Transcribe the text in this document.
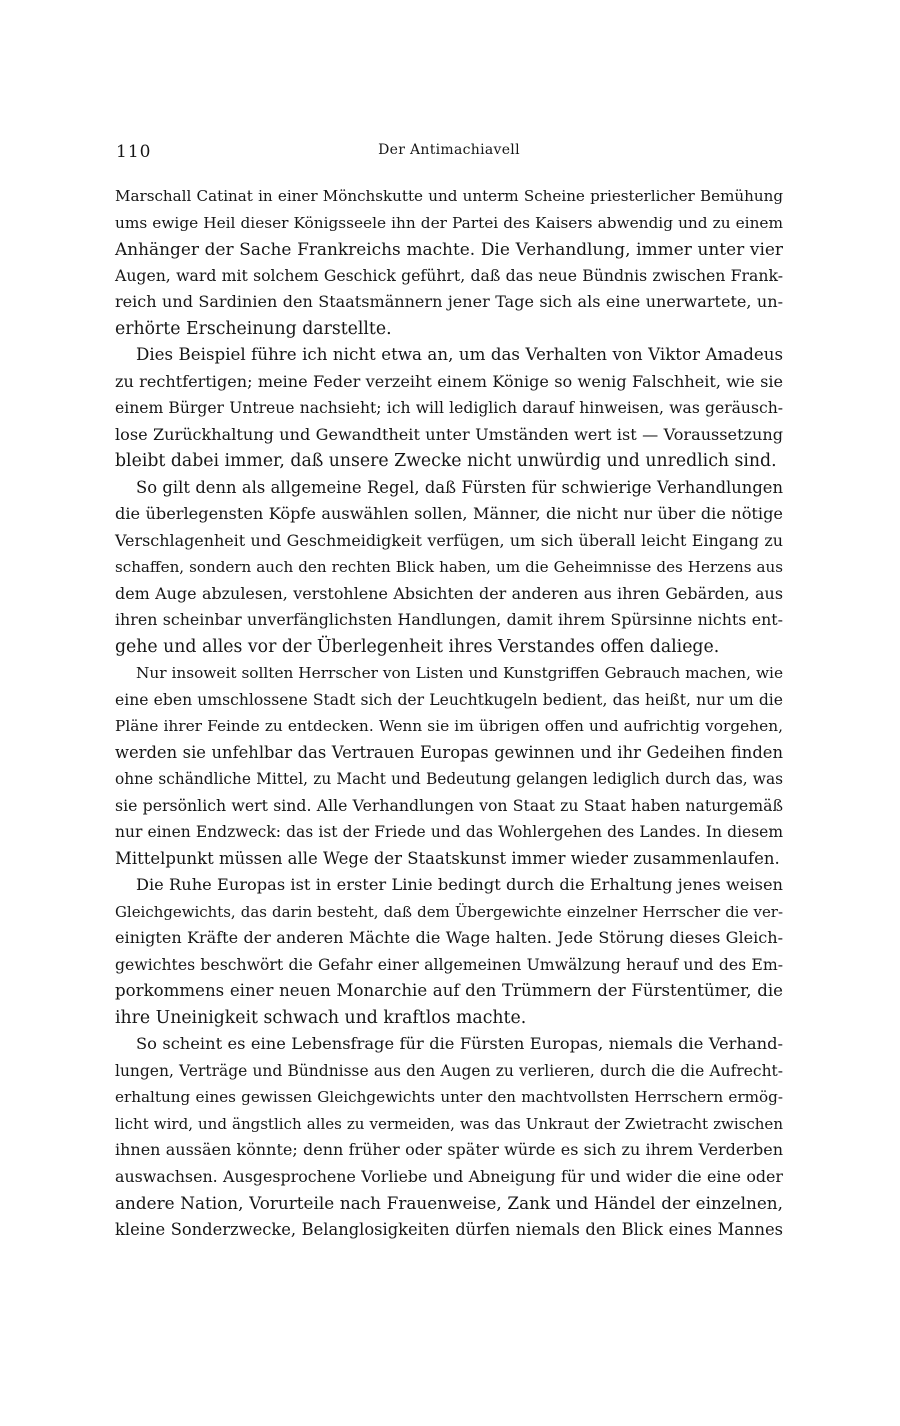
110	Der Antimachiavell
Marschall Catinat in einer Mönchskutte und unterm Scheine priesterlicher Bemühung
ums ewige Heil dieser Königsseele ihn der Partei des Kaisers abwendig und zu einem
Anhänger der Sache Frankreichs machte. Die Verhandlung, immer unter vier
Augen, ward mit solchem Geschick geführt, daß das neue Bündnis zwischen Frank-
reich und Sardinien den Staatsmännern jener Tage sich als eine unerwartete, un-
erhörte Erscheinung darstellte.
Dies Beispiel führe ich nicht etwa an, um das Verhalten von Viktor Amadeus
zu rechtfertigen; meine Feder verzeiht einem Könige so wenig Falschheit, wie sie
einem Bürger Untreue nachsieht; ich will lediglich darauf hinweisen, was geräusch-
lose Zurückhaltung und Gewandtheit unter Umständen wert ist — Voraussetzung
bleibt dabei immer, daß unsere Zwecke nicht unwürdig und unredlich sind.
So gilt denn als allgemeine Regel, daß Fürsten für schwierige Verhandlungen
die überlegensten Köpfe auswählen sollen, Männer, die nicht nur über die nötige
Verschlagenheit und Geschmeidigkeit verfügen, um sich überall leicht Eingang zu
schaffen, sondern auch den rechten Blick haben, um die Geheimnisse des Herzens aus
dem Auge abzulesen, verstohlene Absichten der anderen aus ihren Gebärden, aus
ihren scheinbar unverfänglichsten Handlungen, damit ihrem Spürsinne nichts ent-
gehe und alles vor der Überlegenheit ihres Verstandes offen daliege.
Nur insoweit sollten Herrscher von Listen und Kunstgriffen Gebrauch machen, wie
eine eben umschlossene Stadt sich der Leuchtkugeln bedient, das heißt, nur um die
Pläne ihrer Feinde zu entdecken. Wenn sie im übrigen offen und aufrichtig vorgehen,
werden sie unfehlbar das Vertrauen Europas gewinnen und ihr Gedeihen finden
ohne schändliche Mittel, zu Macht und Bedeutung gelangen lediglich durch das, was
sie persönlich wert sind. Alle Verhandlungen von Staat zu Staat haben naturgemäß
nur einen Endzweck: das ist der Friede und das Wohlergehen des Landes. In diesem
Mittelpunkt müssen alle Wege der Staatskunst immer wieder zusammenlaufen.
Die Ruhe Europas ist in erster Linie bedingt durch die Erhaltung jenes weisen
Gleichgewichts, das darin besteht, daß dem Übergewichte einzelner Herrscher die ver-
einigten Kräfte der anderen Mächte die Wage halten. Jede Störung dieses Gleich-
gewichtes beschwört die Gefahr einer allgemeinen Umwälzung herauf und des Em-
porkommens einer neuen Monarchie auf den Trümmern der Fürstentümer, die
ihre Uneinigkeit schwach und kraftlos machte.
So scheint es eine Lebensfrage für die Fürsten Europas, niemals die Verhand-
lungen, Verträge und Bündnisse aus den Augen zu verlieren, durch die die Aufrecht-
erhaltung eines gewissen Gleichgewichts unter den machtvollsten Herrschern ermög-
licht wird, und ängstlich alles zu vermeiden, was das Unkraut der Zwietracht zwischen
ihnen aussäen könnte; denn früher oder später würde es sich zu ihrem Verderben
auswachsen. Ausgesprochene Vorliebe und Abneigung für und wider die eine oder
andere Nation, Vorurteile nach Frauenweise, Zank und Händel der einzelnen,
kleine Sonderzwecke, Belanglosigkeiten dürfen niemals den Blick eines Mannes
